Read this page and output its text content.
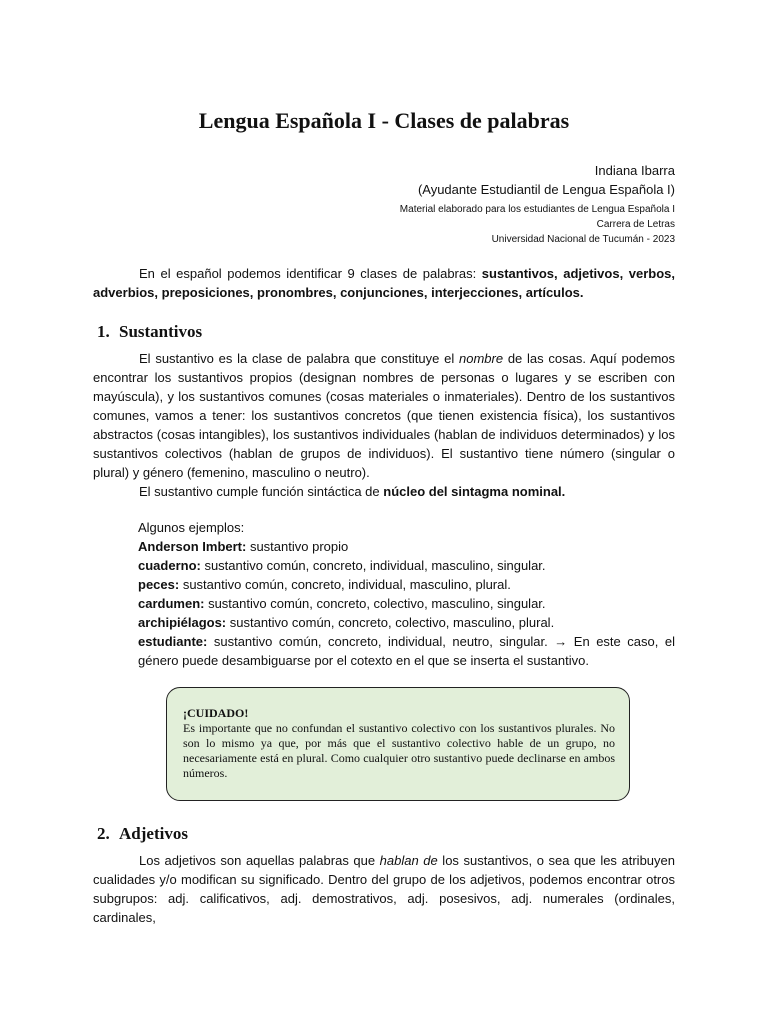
Lengua Española I - Clases de palabras
Indiana Ibarra
(Ayudante Estudiantil de Lengua Española I)
Material elaborado para los estudiantes de Lengua Española I
Carrera de Letras
Universidad Nacional de Tucumán - 2023
En el español podemos identificar 9 clases de palabras: sustantivos, adjetivos, verbos, adverbios, preposiciones, pronombres, conjunciones, interjecciones, artículos.
1. Sustantivos
El sustantivo es la clase de palabra que constituye el nombre de las cosas. Aquí podemos encontrar los sustantivos propios (designan nombres de personas o lugares y se escriben con mayúscula), y los sustantivos comunes (cosas materiales o inmateriales). Dentro de los sustantivos comunes, vamos a tener: los sustantivos concretos (que tienen existencia física), los sustantivos abstractos (cosas intangibles), los sustantivos individuales (hablan de individuos determinados) y los sustantivos colectivos (hablan de grupos de individuos). El sustantivo tiene número (singular o plural) y género (femenino, masculino o neutro).
El sustantivo cumple función sintáctica de núcleo del sintagma nominal.
Algunos ejemplos:
Anderson Imbert: sustantivo propio
cuaderno: sustantivo común, concreto, individual, masculino, singular.
peces: sustantivo común, concreto, individual, masculino, plural.
cardumen: sustantivo común, concreto, colectivo, masculino, singular.
archipiélagos: sustantivo común, concreto, colectivo, masculino, plural.
estudiante: sustantivo común, concreto, individual, neutro, singular. → En este caso, el género puede desambiguarse por el cotexto en el que se inserta el sustantivo.
¡CUIDADO!
Es importante que no confundan el sustantivo colectivo con los sustantivos plurales. No son lo mismo ya que, por más que el sustantivo colectivo hable de un grupo, no necesariamente está en plural. Como cualquier otro sustantivo puede declinarse en ambos números.
2. Adjetivos
Los adjetivos son aquellas palabras que hablan de los sustantivos, o sea que les atribuyen cualidades y/o modifican su significado. Dentro del grupo de los adjetivos, podemos encontrar otros subgrupos: adj. calificativos, adj. demostrativos, adj. posesivos, adj. numerales (ordinales, cardinales,
